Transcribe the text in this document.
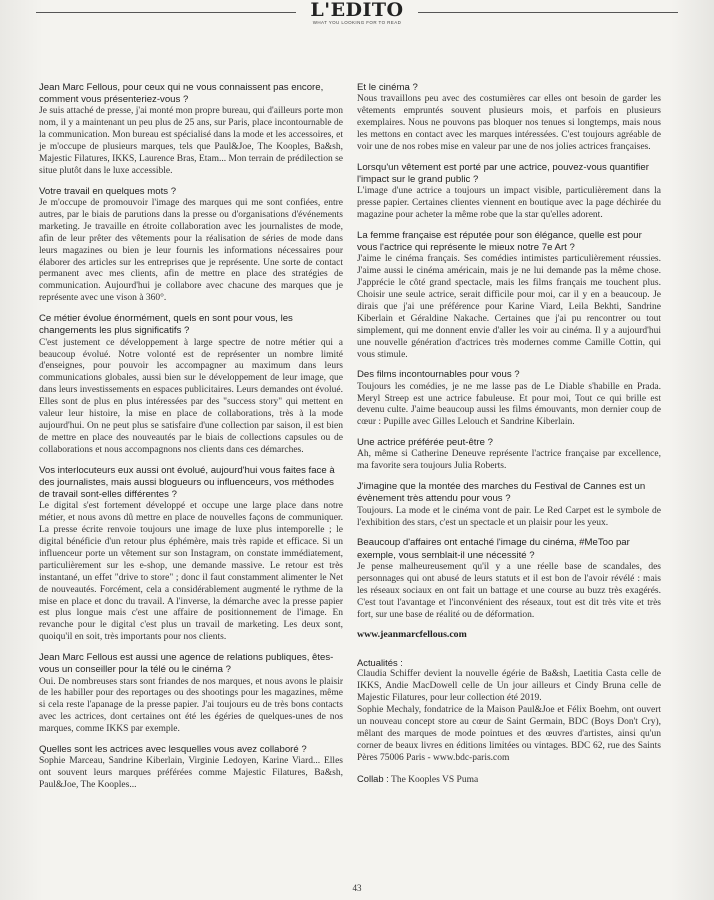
L'EDITO
WHAT YOU LOOKING FOR TO READ

Jean Marc Fellous, pour ceux qui ne vous connaissent pas encore, comment vous présenteriez-vous ?

Je suis attaché de presse, j'ai monté mon propre bureau, qui d'ailleurs porte mon nom, il y a maintenant un peu plus de 25 ans, sur Paris, place incontournable de la communication. Mon bureau est spécialisé dans la mode et les accessoires, et je m'occupe de plusieurs marques, tels que Paul&Joe, The Kooples, Ba&sh, Majestic Filatures, IKKS, Laurence Bras, Etam... Mon terrain de prédilection se situe plutôt dans le luxe accessible.

Votre travail en quelques mots ?

Je m'occupe de promouvoir l'image des marques qui me sont confiées, entre autres, par le biais de parutions dans la presse ou d'organisations d'événements marketing. Je travaille en étroite collaboration avec les journalistes de mode, afin de leur prêter des vêtements pour la réalisation de séries de mode dans leurs magazines ou bien je leur fournis les informations nécessaires pour élaborer des articles sur les entreprises que je représente. Une sorte de contact permanent avec mes clients, afin de mettre en place des stratégies de communication. Aujourd'hui je collabore avec chacune des marques que je représente avec une vison à 360°.

Ce métier évolue énormément, quels en sont pour vous, les changements les plus significatifs ?

C'est justement ce développement à large spectre de notre métier qui a beaucoup évolué. Notre volonté est de représenter un nombre limité d'enseignes, pour pouvoir les accompagner au maximum dans leurs communications globales, aussi bien sur le développement de leur image, que dans leurs investissements en espaces publicitaires. Leurs demandes ont évolué. Elles sont de plus en plus intéressées par des "success story" qui mettent en valeur leur histoire, la mise en place de collaborations, très à la mode aujourd'hui. On ne peut plus se satisfaire d'une collection par saison, il est bien de mettre en place des nouveautés par le biais de collections capsules ou de collaborations et nous accompagnons nos clients dans ces démarches.

Vos interlocuteurs eux aussi ont évolué, aujourd'hui vous faites face à des journalistes, mais aussi blogueurs ou influenceurs, vos méthodes de travail sont-elles différentes ?

Le digital s'est fortement développé et occupe une large place dans notre métier, et nous avons dû mettre en place de nouvelles façons de communiquer. La presse écrite renvoie toujours une image de luxe plus intemporelle ; le digital bénéficie d'un retour plus éphémère, mais très rapide et efficace. Si un influenceur porte un vêtement sur son Instagram, on constate immédiatement, particulièrement sur les e-shop, une demande massive. Le retour est très instantané, un effet "drive to store" ; donc il faut constamment alimenter le Net de nouveautés. Forcément, cela a considérablement augmenté le rythme de la mise en place et donc du travail. A l'inverse, la démarche avec la presse papier est plus longue mais c'est une affaire de positionnement de l'image. En revanche pour le digital c'est plus un travail de marketing. Les deux sont, quoiqu'il en soit, très importants pour nos clients.

Jean Marc Fellous est aussi une agence de relations publiques, êtes-vous un conseiller pour la télé ou le cinéma ?

Oui. De nombreuses stars sont friandes de nos marques, et nous avons le plaisir de les habiller pour des reportages ou des shootings pour les magazines, même si cela reste l'apanage de la presse papier. J'ai toujours eu de très bons contacts avec les actrices, dont certaines ont été les égéries de quelques-unes de nos marques, comme IKKS par exemple.

Quelles sont les actrices avec lesquelles vous avez collaboré ?

Sophie Marceau, Sandrine Kiberlain, Virginie Ledoyen, Karine Viard... Elles ont souvent leurs marques préférées comme Majestic Filatures, Ba&sh, Paul&Joe, The Kooples...

Et le cinéma ?

Nous travaillons peu avec des costumières car elles ont besoin de garder les vêtements empruntés souvent plusieurs mois, et parfois en plusieurs exemplaires. Nous ne pouvons pas bloquer nos tenues si longtemps, mais nous les mettons en contact avec les marques intéressées. C'est toujours agréable de voir une de nos robes mise en valeur par une de nos jolies actrices françaises.

Lorsqu'un vêtement est porté par une actrice, pouvez-vous quantifier l'impact sur le grand public ?

L'image d'une actrice a toujours un impact visible, particulièrement dans la presse papier. Certaines clientes viennent en boutique avec la page déchirée du magazine pour acheter la même robe que la star qu'elles adorent.

La femme française est réputée pour son élégance, quelle est pour vous l'actrice qui représente le mieux notre 7e Art ?

J'aime le cinéma français. Ses comédies intimistes particulièrement réussies. J'aime aussi le cinéma américain, mais je ne lui demande pas la même chose. J'apprécie le côté grand spectacle, mais les films français me touchent plus. Choisir une seule actrice, serait difficile pour moi, car il y en a beaucoup. Je dirais que j'ai une préférence pour Karine Viard, Leila Bekhti, Sandrine Kiberlain et Géraldine Nakache. Certaines que j'ai pu rencontrer ou tout simplement, qui me donnent envie d'aller les voir au cinéma. Il y a aujourd'hui une nouvelle génération d'actrices très modernes comme Camille Cottin, qui vous stimule.

Des films incontournables pour vous ?

Toujours les comédies, je ne me lasse pas de Le Diable s'habille en Prada. Meryl Streep est une actrice fabuleuse. Et pour moi, Tout ce qui brille est devenu culte. J'aime beaucoup aussi les films émouvants, mon dernier coup de cœur : Pupille avec Gilles Lelouch et Sandrine Kiberlain.

Une actrice préférée peut-être ?

Ah, même si Catherine Deneuve représente l'actrice française par excellence, ma favorite sera toujours Julia Roberts.

J'imagine que la montée des marches du Festival de Cannes est un évènement très attendu pour vous ?

Toujours. La mode et le cinéma vont de pair. Le Red Carpet est le symbole de l'exhibition des stars, c'est un spectacle et un plaisir pour les yeux.

Beaucoup d'affaires ont entaché l'image du cinéma, #MeToo par exemple, vous semblait-il une nécessité ?

Je pense malheureusement qu'il y a une réelle base de scandales, des personnages qui ont abusé de leurs statuts et il est bon de l'avoir révélé : mais les réseaux sociaux en ont fait un battage et une course au buzz très exagérés. C'est tout l'avantage et l'inconvénient des réseaux, tout est dit très vite et très fort, sur une base de réalité ou de déformation.

www.jeanmarcfellous.com

Actualités :

Claudia Schiffer devient la nouvelle égérie de Ba&sh, Laetitia Casta celle de IKKS, Andie MacDowell celle de Un jour ailleurs et Cindy Bruna celle de Majestic Filatures, pour leur collection été 2019.

Sophie Mechaly, fondatrice de la Maison Paul&Joe et Félix Boehm, ont ouvert un nouveau concept store au cœur de Saint Germain, BDC (Boys Don't Cry), mêlant des marques de mode pointues et des œuvres d'artistes, ainsi qu'un corner de beaux livres en éditions limitées ou vintages. BDC 62, rue des Saints Pères 75006 Paris - www.bdc-paris.com

Collab : The Kooples VS Puma

43
